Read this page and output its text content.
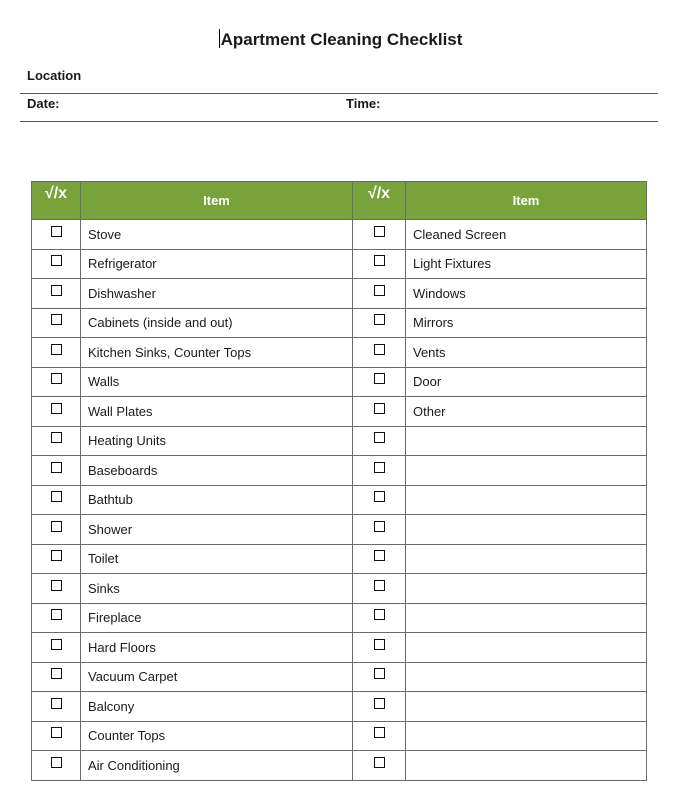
Apartment Cleaning Checklist
Location
Date:	Time:
√/x	Item	√/x	Item
	Stove		Cleaned Screen
	Refrigerator		Light Fixtures
	Dishwasher		Windows
	Cabinets (inside and out)		Mirrors
	Kitchen Sinks, Counter Tops		Vents
	Walls		Door
	Wall Plates		Other
	Heating Units		
	Baseboards		
	Bathtub		
	Shower		
	Toilet		
	Sinks		
	Fireplace		
	Hard Floors		
	Vacuum Carpet		
	Balcony		
	Counter Tops		
	Air Conditioning		
